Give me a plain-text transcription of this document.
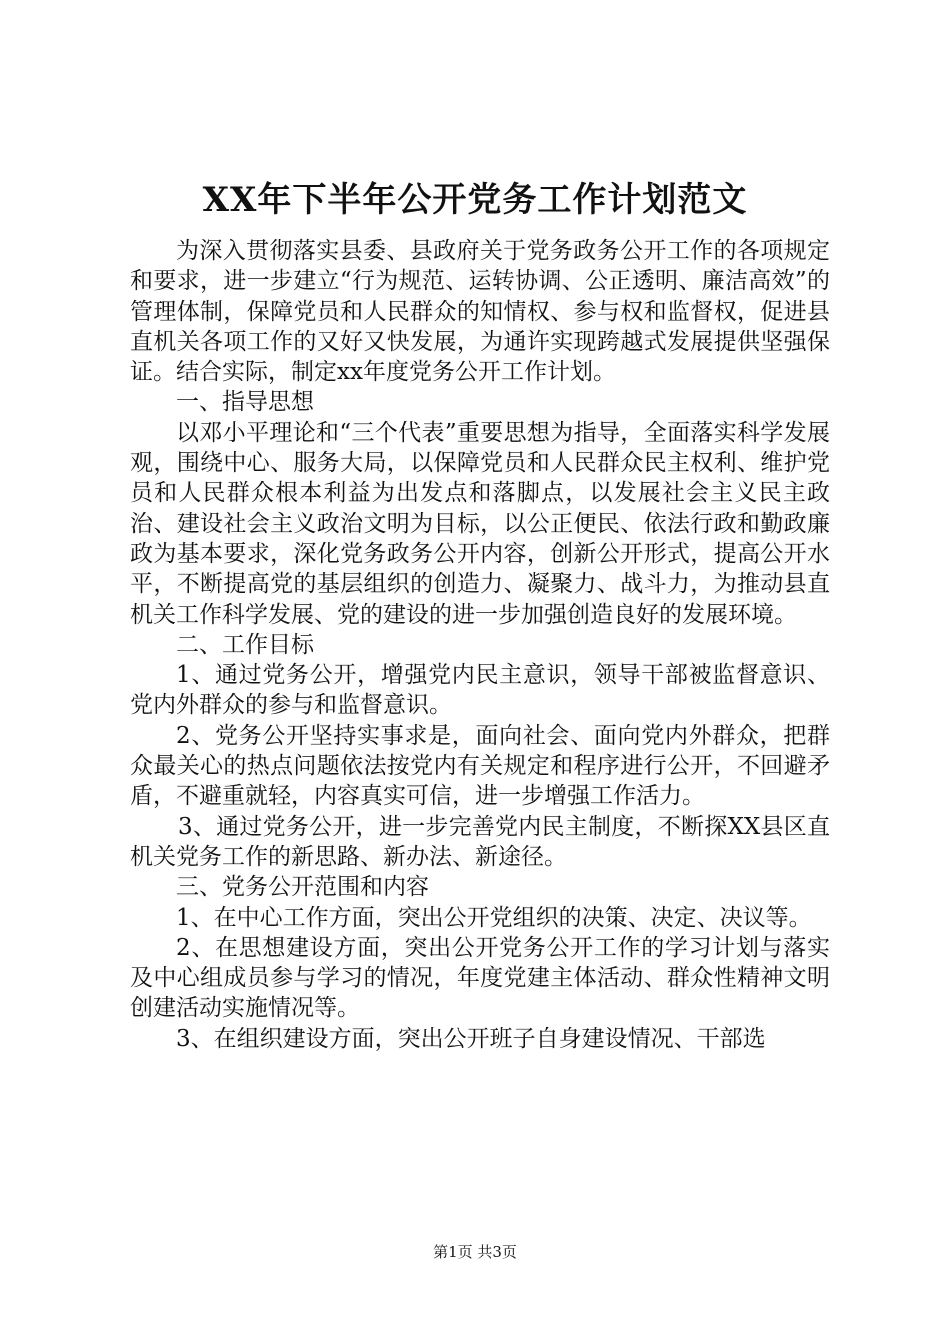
XX年下半年公开党务工作计划范文

为深入贯彻落实县委、县政府关于党务政务公开工作的各项规定和要求，进一步建立“行为规范、运转协调、公正透明、廉洁高效”的管理体制，保障党员和人民群众的知情权、参与权和监督权，促进县直机关各项工作的又好又快发展，为通许实现跨越式发展提供坚强保证。结合实际，制定xx年度党务公开工作计划。

一、指导思想

以邓小平理论和“三个代表”重要思想为指导，全面落实科学发展观，围绕中心、服务大局，以保障党员和人民群众民主权利、维护党员和人民群众根本利益为出发点和落脚点，以发展社会主义民主政治、建设社会主义政治文明为目标，以公正便民、依法行政和勤政廉政为基本要求，深化党务政务公开内容，创新公开形式，提高公开水平，不断提高党的基层组织的创造力、凝聚力、战斗力，为推动县直机关工作科学发展、党的建设的进一步加强创造良好的发展环境。

二、工作目标

1、通过党务公开，增强党内民主意识，领导干部被监督意识、党内外群众的参与和监督意识。

2、党务公开坚持实事求是，面向社会、面向党内外群众，把群众最关心的热点问题依法按党内有关规定和程序进行公开，不回避矛盾，不避重就轻，内容真实可信，进一步增强工作活力。

3、通过党务公开，进一步完善党内民主制度，不断探XX县区直机关党务工作的新思路、新办法、新途径。

三、党务公开范围和内容

1、在中心工作方面，突出公开党组织的决策、决定、决议等。

2、在思想建设方面，突出公开党务公开工作的学习计划与落实及中心组成员参与学习的情况，年度党建主体活动、群众性精神文明创建活动实施情况等。

3、在组织建设方面，突出公开班子自身建设情况、干部选

第1页 共3页
